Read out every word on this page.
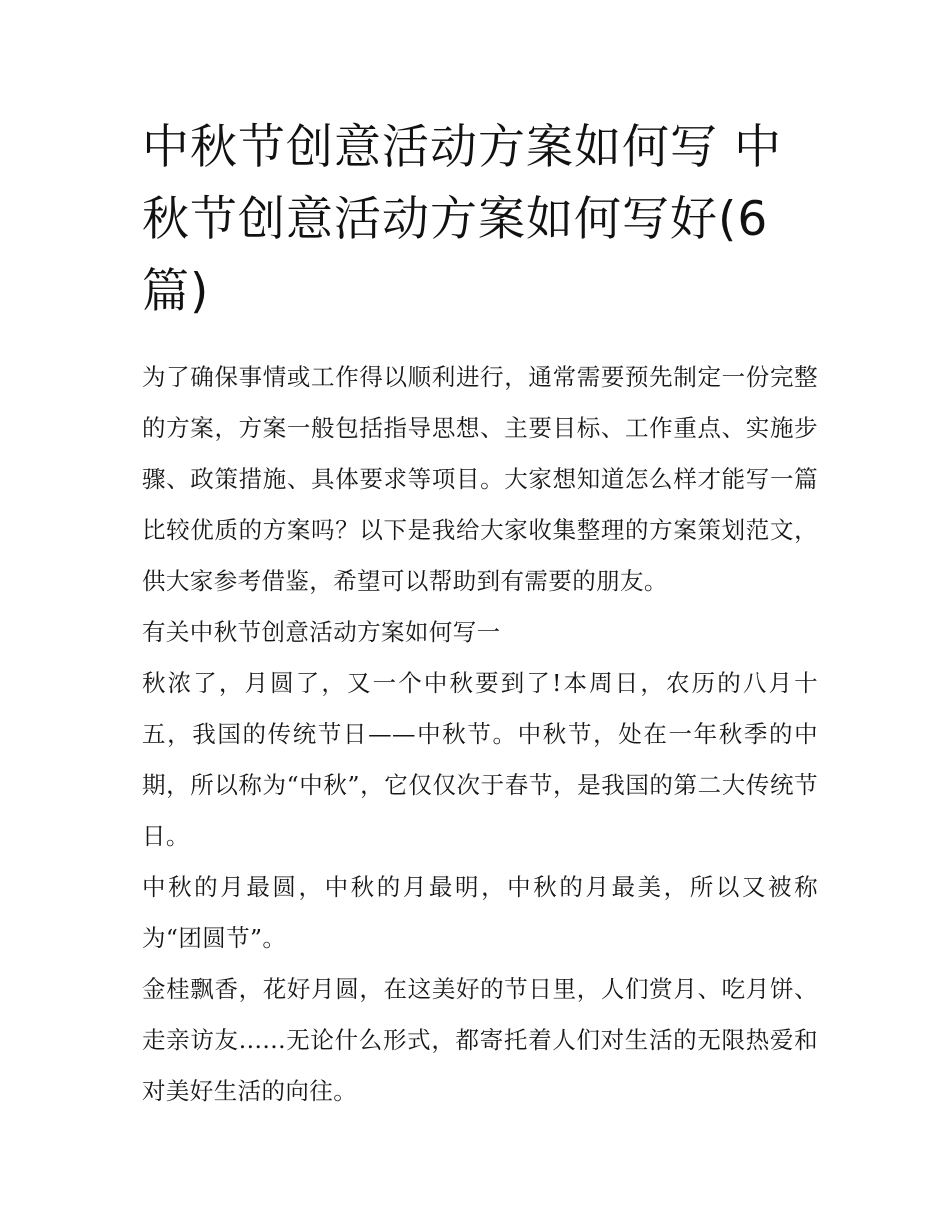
中秋节创意活动方案如何写 中秋节创意活动方案如何写好(6篇)

为了确保事情或工作得以顺利进行，通常需要预先制定一份完整的方案，方案一般包括指导思想、主要目标、工作重点、实施步骤、政策措施、具体要求等项目。大家想知道怎么样才能写一篇比较优质的方案吗？以下是我给大家收集整理的方案策划范文，供大家参考借鉴，希望可以帮助到有需要的朋友。

有关中秋节创意活动方案如何写一

秋浓了，月圆了，又一个中秋要到了!本周日，农历的八月十五，我国的传统节日——中秋节。中秋节，处在一年秋季的中期，所以称为“中秋”，它仅仅次于春节，是我国的第二大传统节日。

中秋的月最圆，中秋的月最明，中秋的月最美，所以又被称为“团圆节”。

金桂飘香，花好月圆，在这美好的节日里，人们赏月、吃月饼、走亲访友......无论什么形式，都寄托着人们对生活的无限热爱和对美好生活的向往。
